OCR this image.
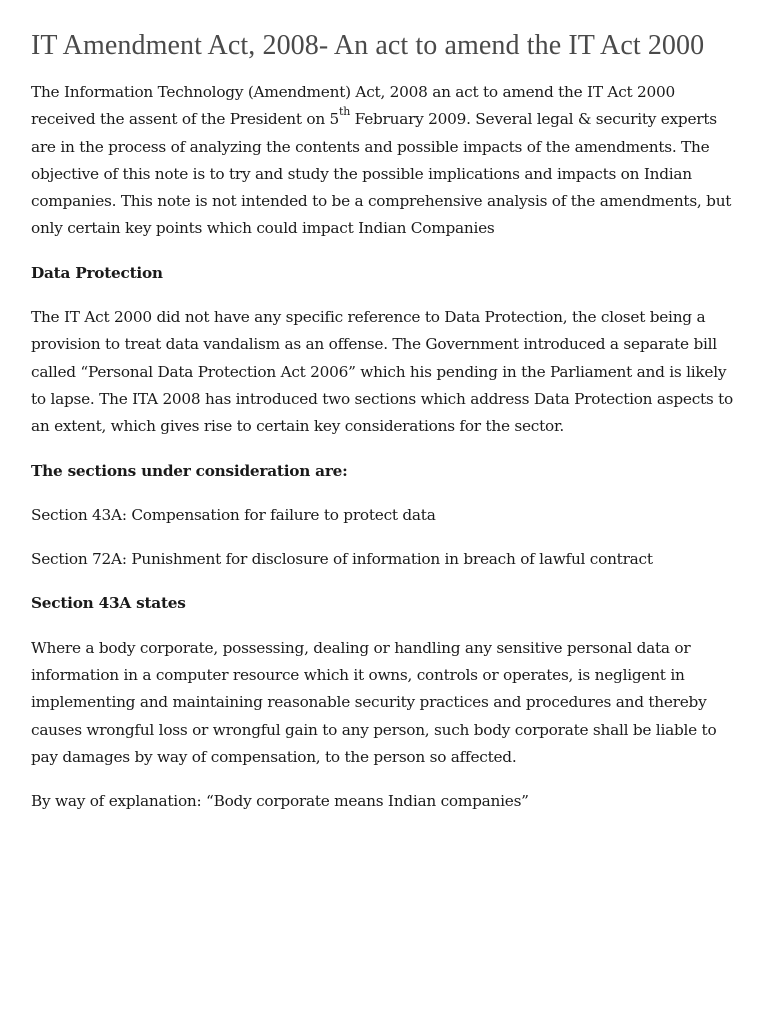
IT Amendment Act, 2008- An act to amend the IT Act 2000

The Information Technology (Amendment) Act, 2008 an act to amend the IT Act 2000 received the assent of the President on 5th February 2009. Several legal & security experts are in the process of analyzing the contents and possible impacts of the amendments. The objective of this note is to try and study the possible implications and impacts on Indian companies. This note is not intended to be a comprehensive analysis of the amendments, but only certain key points which could impact Indian Companies

Data Protection

The IT Act 2000 did not have any specific reference to Data Protection, the closet being a provision to treat data vandalism as an offense. The Government introduced a separate bill called “Personal Data Protection Act 2006” which his pending in the Parliament and is likely to lapse. The ITA 2008 has introduced two sections which address Data Protection aspects to an extent, which gives rise to certain key considerations for the sector.

The sections under consideration are:

Section 43A: Compensation for failure to protect data

Section 72A: Punishment for disclosure of information in breach of lawful contract

Section 43A states

Where a body corporate, possessing, dealing or handling any sensitive personal data or information in a computer resource which it owns, controls or operates, is negligent in implementing and maintaining reasonable security practices and procedures and thereby causes wrongful loss or wrongful gain to any person, such body corporate shall be liable to pay damages by way of compensation, to the person so affected.

By way of explanation: “Body corporate means Indian companies”
